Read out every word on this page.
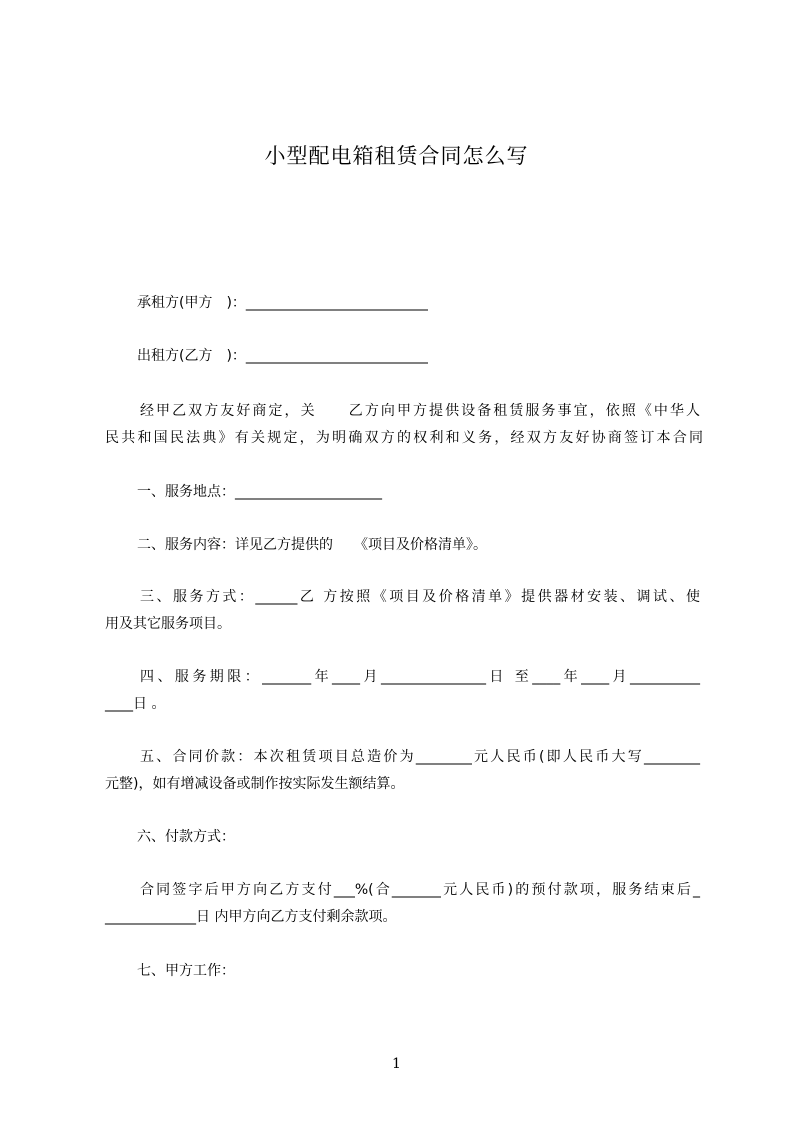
小型配电箱租赁合同怎么写
承租方(甲方　)：__________________________
出租方(乙方　)：__________________________
经甲乙双方友好商定，关　　乙方向甲方提供设备租赁服务事宜，依照《中华人
民共和国民法典》有关规定，为明确双方的权利和义务，经双方友好协商签订本合同
一、服务地点：_____________________
二、服务内容：详见乙方提供的　　《项目及价格清单》。
三、服务方式：______乙 方按照《项目及价格清单》提供器材安装、调试、使
用及其它服务项目。
四、服务期限：_______年____月_______________日 至____年____月__________
____日 。
五、合同价款：本次租赁项目总造价为________元人民币(即人民币大写________
元整)，如有增减设备或制作按实际发生额结算。
六、付款方式：
合同签字后甲方向乙方支付___%(合_______元人民币)的预付款项，服务结束后_
_____________日 内甲方向乙方支付剩余款项。
七、甲方工作：
1
